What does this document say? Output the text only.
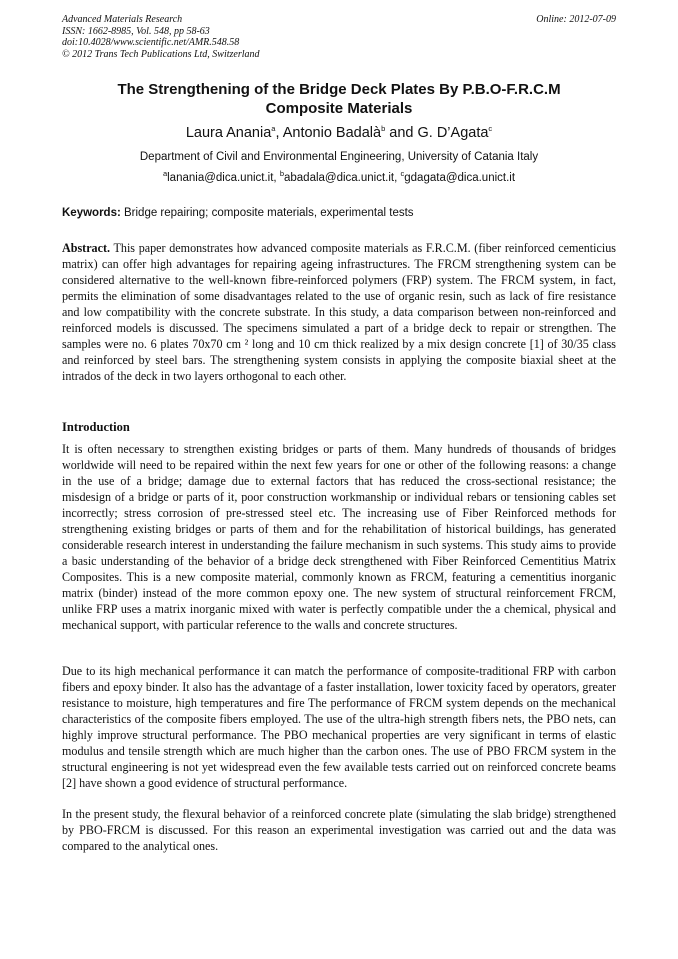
Advanced Materials Research
ISSN: 1662-8985, Vol. 548, pp 58-63
doi:10.4028/www.scientific.net/AMR.548.58
© 2012 Trans Tech Publications Ltd, Switzerland
Online: 2012-07-09
The Strengthening of the Bridge Deck Plates By P.B.O-F.R.C.M
Composite Materials
Laura Anania$^a$, Antonio Badalà$^b$ and G. D’Agata$^c$
Department of Civil and Environmental Engineering, University of Catania Italy
$^a$lanania@dica.unict.it, $^b$abadala@dica.unict.it, $^c$gdagata@dica.unict.it
Keywords: Bridge repairing; composite materials, experimental tests

Abstract. This paper demonstrates how advanced composite materials as F.R.C.M. (fiber reinforced cementicius matrix) can offer high advantages for repairing ageing infrastructures. The FRCM strengthening system can be considered alternative to the well-known fibre-reinforced polymers (FRP) system. The FRCM system, in fact, permits the elimination of some disadvantages related to the use of organic resin, such as lack of fire resistance and low compatibility with the concrete substrate. In this study, a data comparison between non-reinforced and reinforced models is discussed. The specimens simulated a part of a bridge deck to repair or strengthen. The samples were no. 6 plates 70x70 cm ² long and 10 cm thick realized by a mix design concrete [1] of 30/35 class and reinforced by steel bars. The strengthening system consists in applying the composite biaxial sheet at the intrados of the deck in two layers orthogonal to each other.

Introduction

It is often necessary to strengthen existing bridges or parts of them. Many hundreds of thousands of bridges worldwide will need to be repaired within the next few years for one or other of the following reasons: a change in the use of a bridge; damage due to external factors that has reduced the cross-sectional resistance; the misdesign of a bridge or parts of it, poor construction workmanship or individual rebars or tensioning cables set incorrectly; stress corrosion of pre-stressed steel etc. The increasing use of Fiber Reinforced methods for strengthening existing bridges or parts of them and for the rehabilitation of historical buildings, has generated considerable research interest in understanding the failure mechanism in such systems. This study aims to provide a basic understanding of the behavior of a bridge deck strengthened with Fiber Reinforced Cementitius Matrix Composites. This is a new composite material, commonly known as FRCM, featuring a cementitius inorganic matrix (binder) instead of the more common epoxy one. The new system of structural reinforcement FRCM, unlike FRP uses a matrix inorganic mixed with water is perfectly compatible under the a chemical, physical and mechanical support, with particular reference to the walls and concrete structures.

Due to its high mechanical performance it can match the performance of composite-traditional FRP with carbon fibers and epoxy binder. It also has the advantage of a faster installation, lower toxicity faced by operators, greater resistance to moisture, high temperatures and fire The performance of FRCM system depends on the mechanical characteristics of the composite fibers employed. The use of the ultra-high strength fibers nets, the PBO nets, can highly improve structural performance. The PBO mechanical properties are very significant in terms of elastic modulus and tensile strength which are much higher than the carbon ones. The use of PBO FRCM system in the structural engineering is not yet widespread even the few available tests carried out on reinforced concrete beams [2] have shown a good evidence of structural performance.

In the present study, the flexural behavior of a reinforced concrete plate (simulating the slab bridge) strengthened by PBO-FRCM is discussed. For this reason an experimental investigation was carried out and the data was compared to the analytical ones.
